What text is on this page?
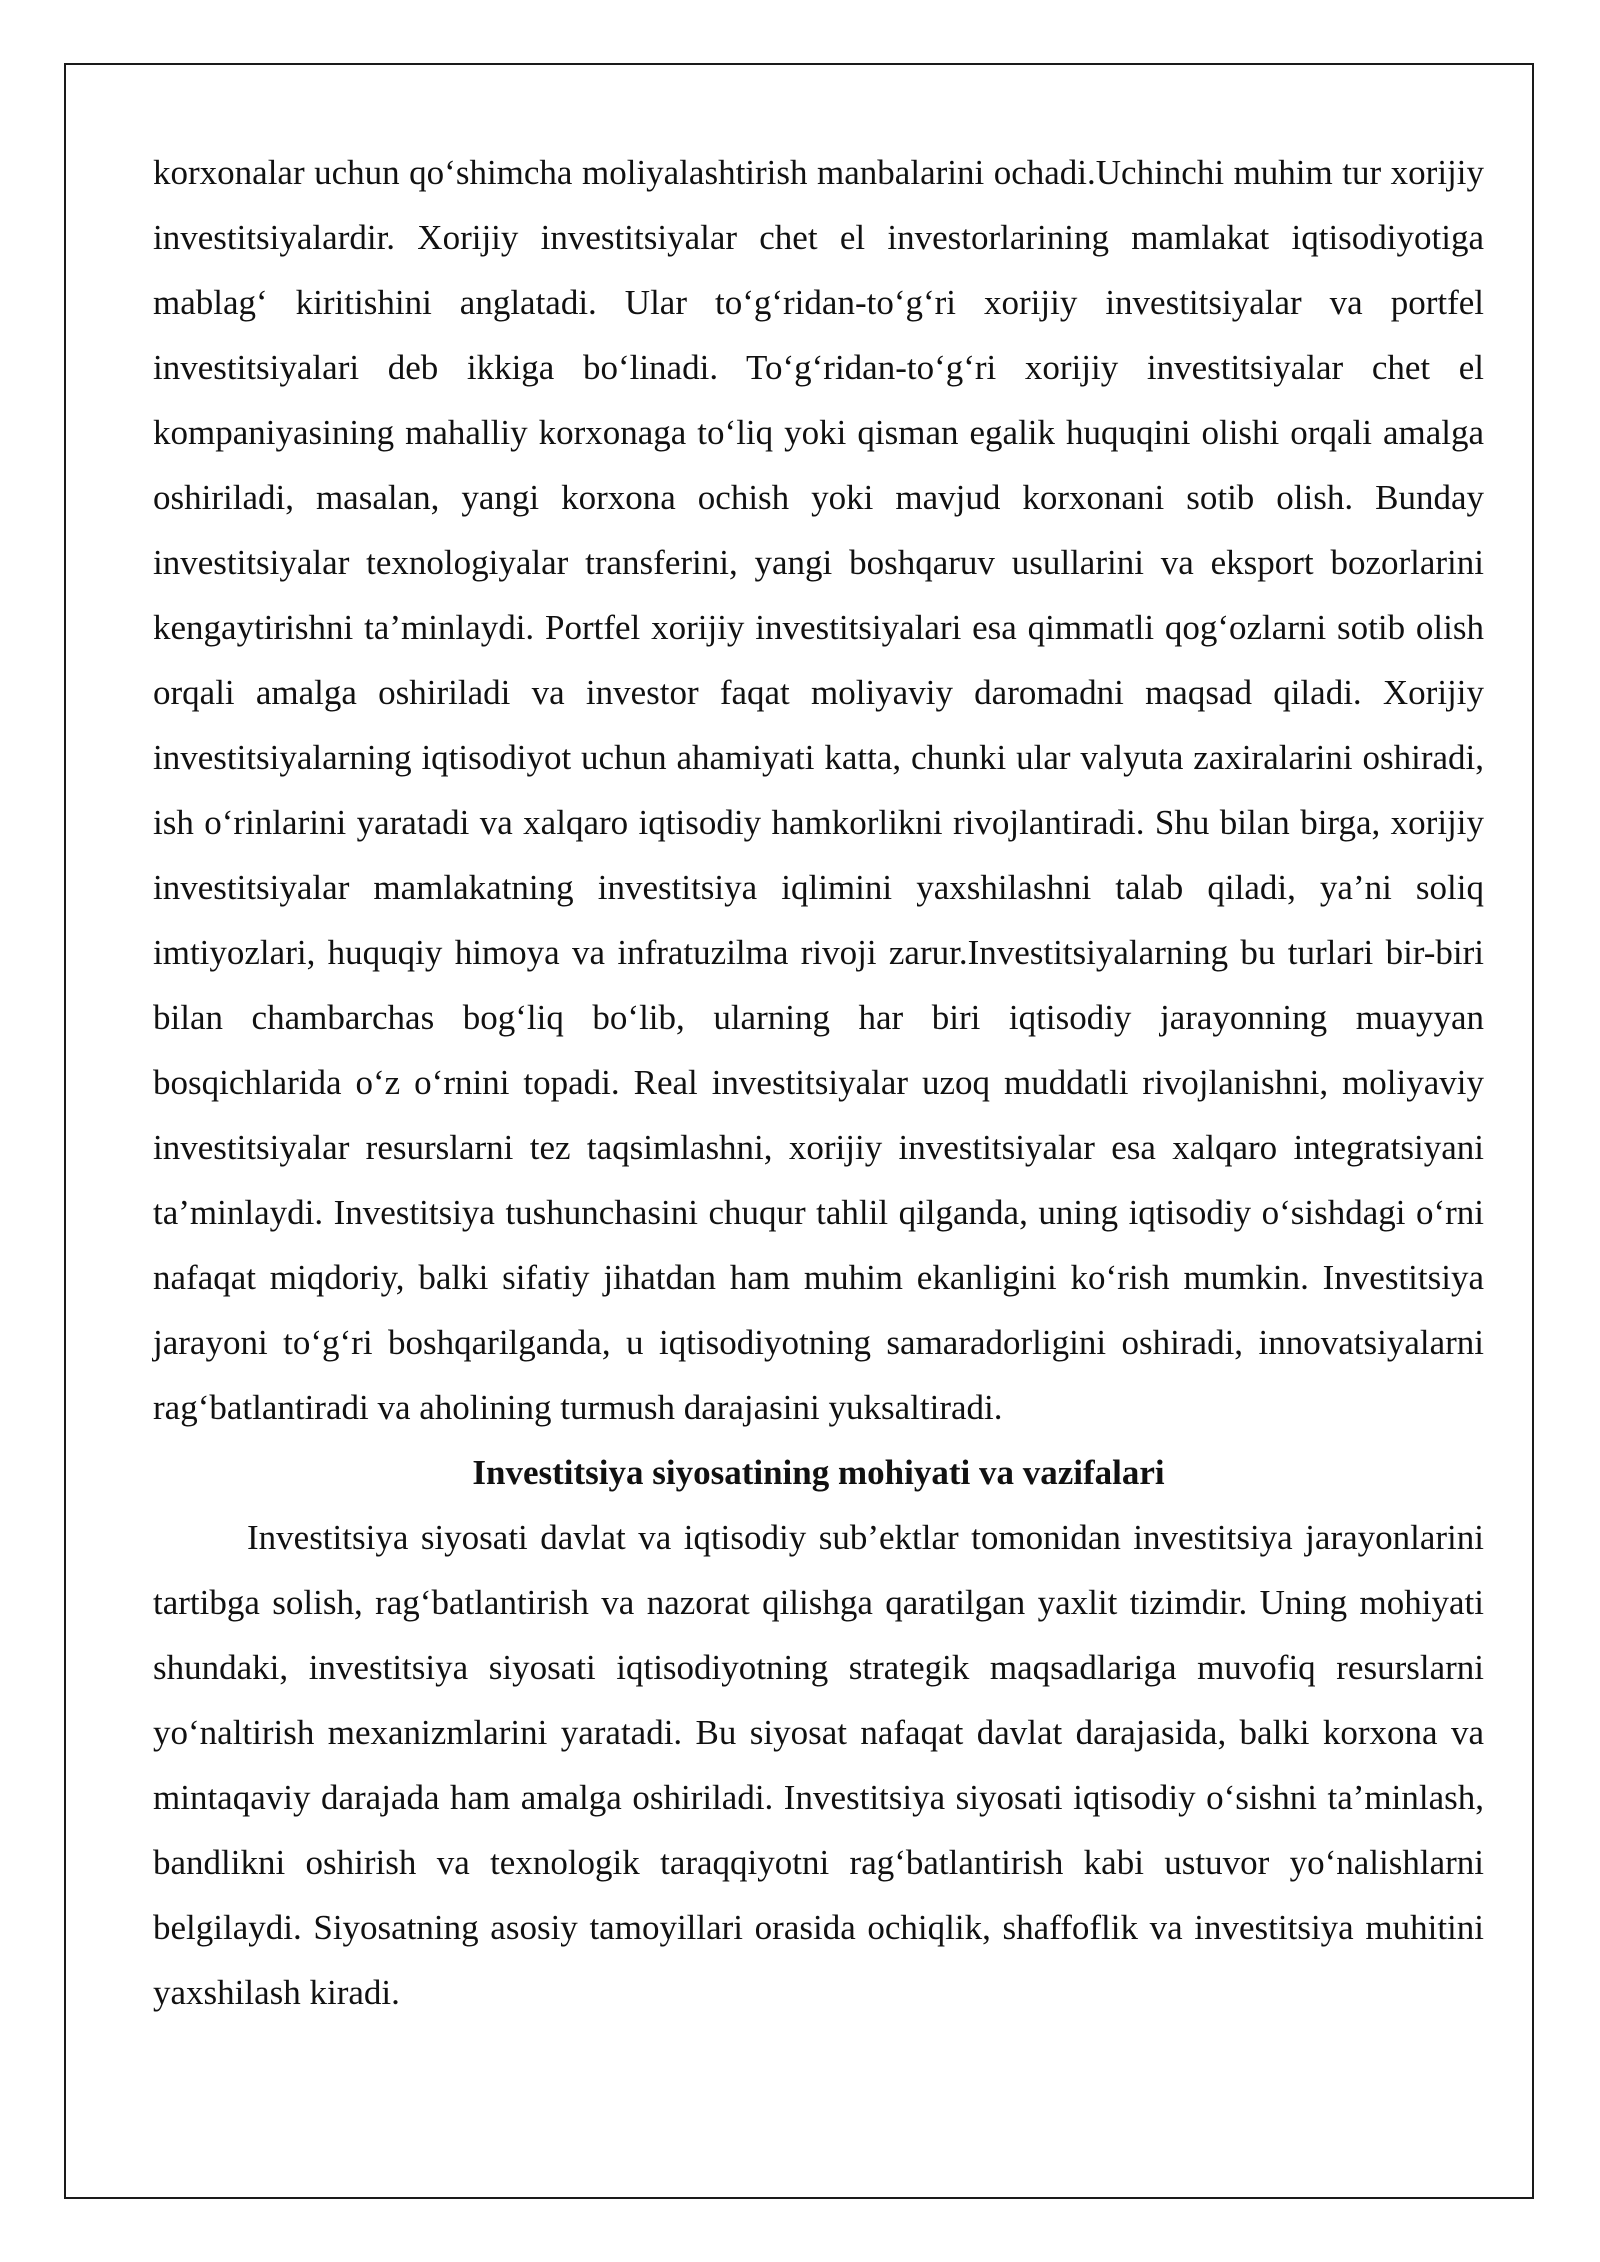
korxonalar uchun qo‘shimcha moliyalashtirish manbalarini ochadi.Uchinchi muhim tur xorijiy investitsiyalardir. Xorijiy investitsiyalar chet el investorlarining mamlakat iqtisodiyotiga mablag‘ kiritishini anglatadi. Ular to‘g‘ridan-to‘g‘ri xorijiy investitsiyalar va portfel investitsiyalari deb ikkiga bo‘linadi. To‘g‘ridan-to‘g‘ri xorijiy investitsiyalar chet el kompaniyasining mahalliy korxonaga to‘liq yoki qisman egalik huquqini olishi orqali amalga oshiriladi, masalan, yangi korxona ochish yoki mavjud korxonani sotib olish. Bunday investitsiyalar texnologiyalar transferini, yangi boshqaruv usullarini va eksport bozorlarini kengaytirishni ta’minlaydi. Portfel xorijiy investitsiyalari esa qimmatli qog‘ozlarni sotib olish orqali amalga oshiriladi va investor faqat moliyaviy daromadni maqsad qiladi. Xorijiy investitsiyalarning iqtisodiyot uchun ahamiyati katta, chunki ular valyuta zaxiralarini oshiradi, ish o‘rinlarini yaratadi va xalqaro iqtisodiy hamkorlikni rivojlantiradi. Shu bilan birga, xorijiy investitsiyalar mamlakatning investitsiya iqlimini yaxshilashni talab qiladi, ya’ni soliq imtiyozlari, huquqiy himoya va infratuzilma rivoji zarur.Investitsiyalarning bu turlari bir-biri bilan chambarchas bog‘liq bo‘lib, ularning har biri iqtisodiy jarayonning muayyan bosqichlarida o‘z o‘rnini topadi. Real investitsiyalar uzoq muddatli rivojlanishni, moliyaviy investitsiyalar resurslarni tez taqsimlashni, xorijiy investitsiyalar esa xalqaro integratsiyani ta’minlaydi. Investitsiya tushunchasini chuqur tahlil qilganda, uning iqtisodiy o‘sishdagi o‘rni nafaqat miqdoriy, balki sifatiy jihatdan ham muhim ekanligini ko‘rish mumkin. Investitsiya jarayoni to‘g‘ri boshqarilganda, u iqtisodiyotning samaradorligini oshiradi, innovatsiyalarni rag‘batlantiradi va aholining turmush darajasini yuksaltiradi.

Investitsiya siyosatining mohiyati va vazifalari

Investitsiya siyosati davlat va iqtisodiy sub’ektlar tomonidan investitsiya jarayonlarini tartibga solish, rag‘batlantirish va nazorat qilishga qaratilgan yaxlit tizimdir. Uning mohiyati shundaki, investitsiya siyosati iqtisodiyotning strategik maqsadlariga muvofiq resurslarni yo‘naltirish mexanizmlarini yaratadi. Bu siyosat nafaqat davlat darajasida, balki korxona va mintaqaviy darajada ham amalga oshiriladi. Investitsiya siyosati iqtisodiy o‘sishni ta’minlash, bandlikni oshirish va texnologik taraqqiyotni rag‘batlantirish kabi ustuvor yo‘nalishlarni belgilaydi. Siyosatning asosiy tamoyillari orasida ochiqlik, shaffoflik va investitsiya muhitini yaxshilash kiradi.
